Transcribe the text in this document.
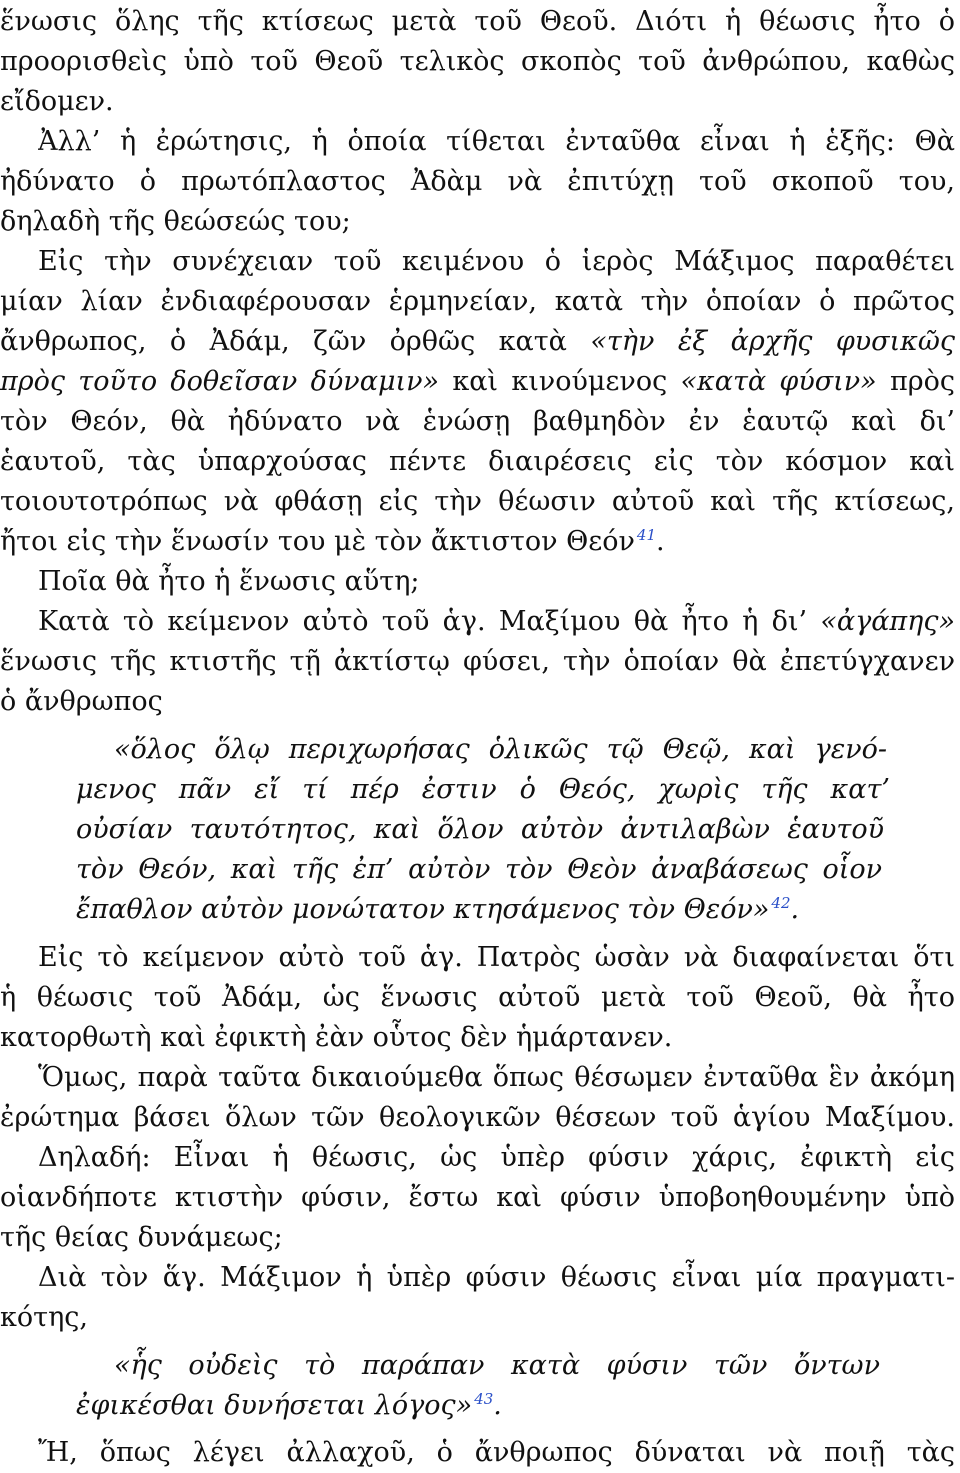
ἕνωσις ὅλης τῆς κτίσεως μετὰ τοῦ Θεοῦ. Διότι ἡ θέωσις ἦτο ὁ
προορισθεὶς ὑπὸ τοῦ Θεοῦ τελικὸς σκοπὸς τοῦ ἀνθρώπου, καθὼς
εἴδομεν.
Ἀλλ’ ἡ ἐρώτησις, ἡ ὁποία τίθεται ἐνταῦθα εἶναι ἡ ἑξῆς: Θὰ
ἠδύνατο ὁ πρωτόπλαστος Ἀδὰμ νὰ ἐπιτύχῃ τοῦ σκοποῦ του,
δηλαδὴ τῆς θεώσεώς του;
Εἰς τὴν συνέχειαν τοῦ κειμένου ὁ ἱερὸς Μάξιμος παραθέτει
μίαν λίαν ἐνδιαφέρουσαν ἑρμηνείαν, κατὰ τὴν ὁποίαν ὁ πρῶτος
ἄνθρωπος, ὁ Ἀδάμ, ζῶν ὀρθῶς κατὰ «τὴν ἐξ ἀρχῆς φυσικῶς
πρὸς τοῦτο δοθεῖσαν δύναμιν» καὶ κινούμενος «κατὰ φύσιν» πρὸς
τὸν Θεόν, θὰ ἠδύνατο νὰ ἑνώσῃ βαθμηδὸν ἐν ἑαυτῷ καὶ δι’
ἑαυτοῦ, τὰς ὑπαρχούσας πέντε διαιρέσεις εἰς τὸν κόσμον καὶ
τοιουτοτρόπως νὰ φθάσῃ εἰς τὴν θέωσιν αὐτοῦ καὶ τῆς κτίσεως,
ἤτοι εἰς τὴν ἕνωσίν του μὲ τὸν ἄκτιστον Θεόν $^{41}$.
Ποῖα θὰ ἦτο ἡ ἕνωσις αὕτη;
Κατὰ τὸ κείμενον αὐτὸ τοῦ ἁγ. Μαξίμου θὰ ἦτο ἡ δι’ «ἀγάπης»
ἕνωσις τῆς κτιστῆς τῇ ἀκτίστῳ φύσει, τὴν ὁποίαν θὰ ἐπετύγχανεν
ὁ ἄνθρωπος
«ὅλος ὅλῳ περιχωρήσας ὁλικῶς τῷ Θεῷ, καὶ γενό-
μενος πᾶν εἴ τί πέρ ἐστιν ὁ Θεός, χωρὶς τῆς κατ’
οὐσίαν ταυτότητος, καὶ ὅλον αὐτὸν ἀντιλαβὼν ἑαυτοῦ
τὸν Θεόν, καὶ τῆς ἐπ’ αὐτὸν τὸν Θεὸν ἀναβάσεως οἷον
ἔπαθλον αὐτὸν μονώτατον κτησάμενος τὸν Θεόν» $^{42}$.
Εἰς τὸ κείμενον αὐτὸ τοῦ ἁγ. Πατρὸς ὡσὰν νὰ διαφαίνεται ὅτι
ἡ θέωσις τοῦ Ἀδάμ, ὡς ἕνωσις αὐτοῦ μετὰ τοῦ Θεοῦ, θὰ ἦτο
κατορθωτὴ καὶ ἐφικτὴ ἐὰν οὗτος δὲν ἡμάρτανεν.
Ὅμως, παρὰ ταῦτα δικαιούμεθα ὅπως θέσωμεν ἐνταῦθα ἓν ἀκόμη
ἐρώτημα βάσει ὅλων τῶν θεολογικῶν θέσεων τοῦ ἁγίου Μαξίμου.
Δηλαδή: Εἶναι ἡ θέωσις, ὡς ὑπὲρ φύσιν χάρις, ἐφικτὴ εἰς
οἱανδήποτε κτιστὴν φύσιν, ἔστω καὶ φύσιν ὑποβοηθουμένην ὑπὸ
τῆς θείας δυνάμεως;
Διὰ τὸν ἅγ. Μάξιμον ἡ ὑπὲρ φύσιν θέωσις εἶναι μία πραγματι-
κότης,
«ἧς οὐδεὶς τὸ παράπαν κατὰ φύσιν τῶν ὄντων
ἐφικέσθαι δυνήσεται λόγος» $^{43}$.
Ἤ, ὅπως λέγει ἀλλαχοῦ, ὁ ἄνθρωπος δύναται νὰ ποιῇ τὰς
